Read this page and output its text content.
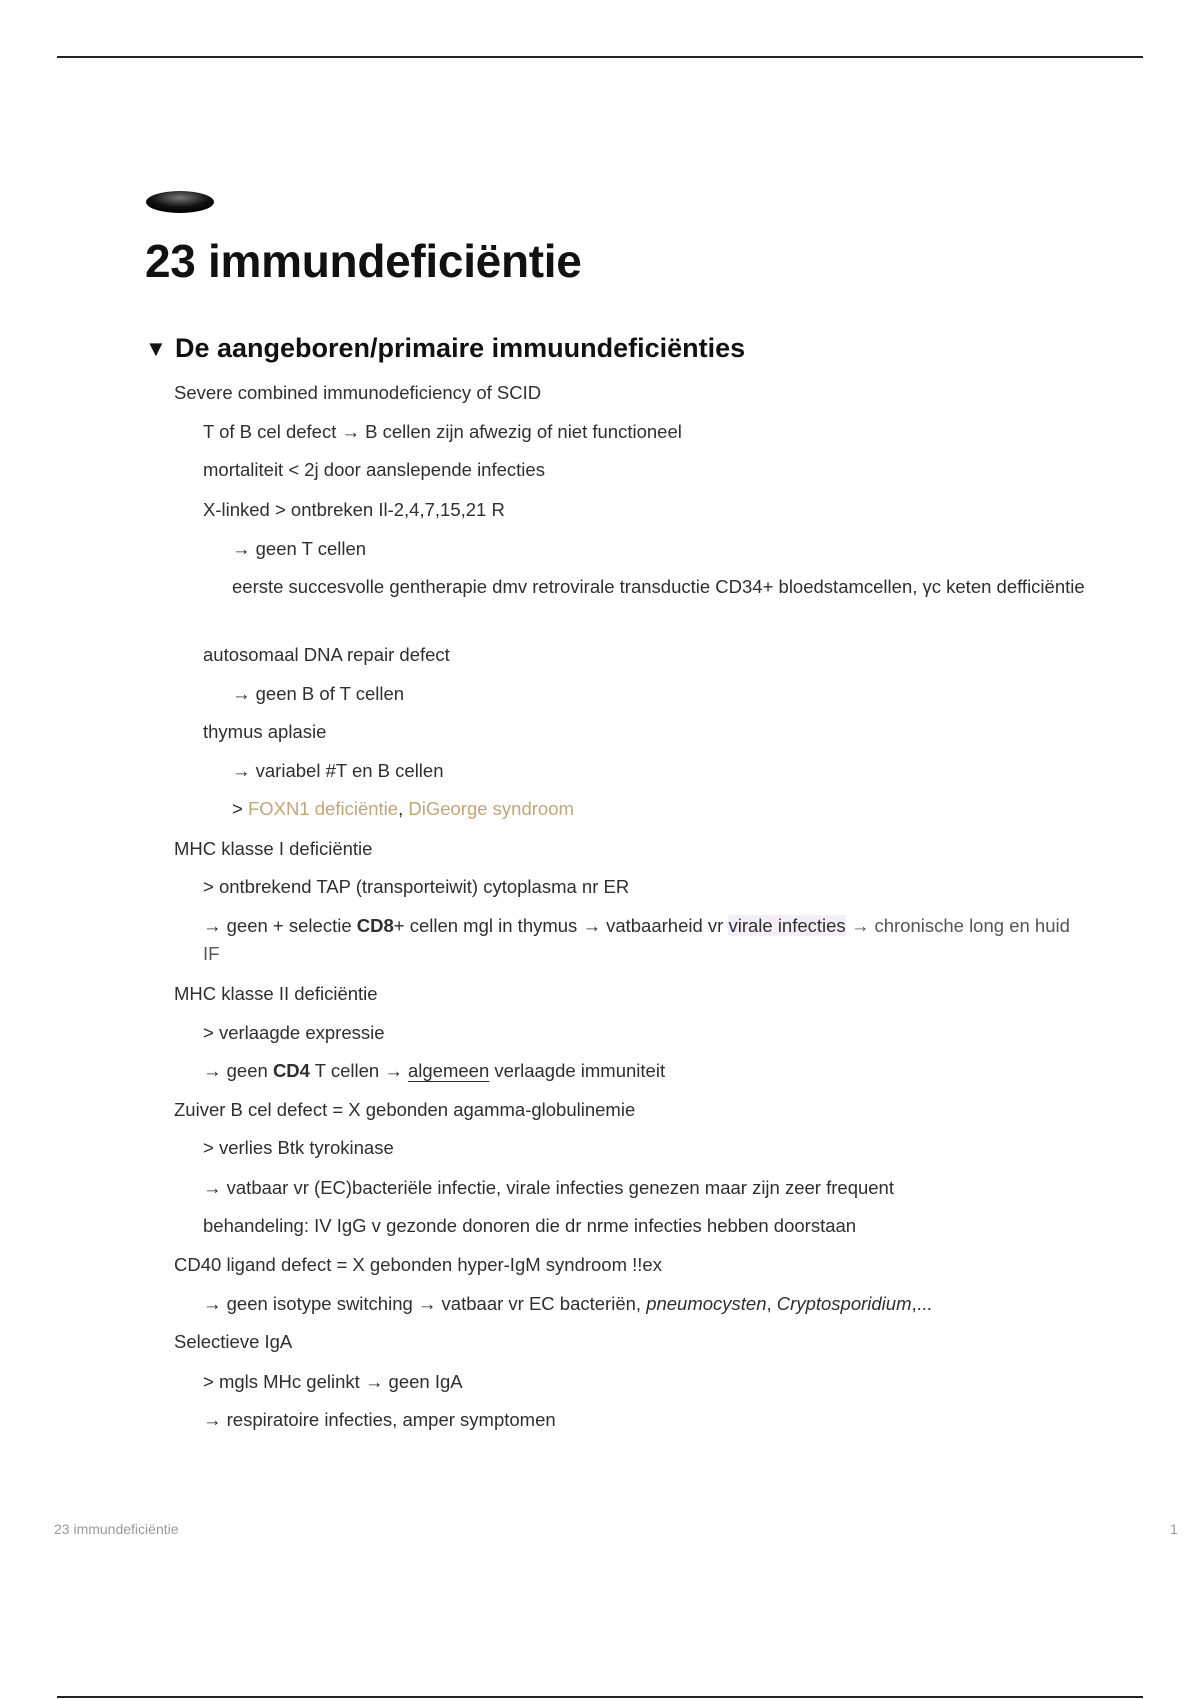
23 immundeficiëntie
▼ De aangeboren/primaire immuundeficiënties

Severe combined immunodeficiency of SCID

T of B cel defect → B cellen zijn afwezig of niet functioneel

mortaliteit < 2j door aanslepende infecties

X-linked > ontbreken Il-2,4,7,15,21 R

→ geen T cellen

eerste succesvolle gentherapie dmv retrovirale transductie CD34+ bloedstamcellen, γc keten defficiëntie

autosomaal DNA repair defect

→ geen B of T cellen

thymus aplasie

→ variabel #T en B cellen

> FOXN1 deficiëntie, DiGeorge syndroom

MHC klasse I deficiëntie

> ontbrekend TAP (transporteiwit) cytoplasma nr ER

→ geen + selectie CD8+ cellen mgl in thymus → vatbaarheid vr virale infecties → chronische long en huid IF

MHC klasse II deficiëntie

> verlaagde expressie

→ geen CD4 T cellen → algemeen verlaagde immuniteit

Zuiver B cel defect = X gebonden agamma-globulinemie

> verlies Btk tyrokinase

→ vatbaar vr (EC)bacteriële infectie, virale infecties genezen maar zijn zeer frequent

behandeling: IV IgG v gezonde donoren die dr nrme infecties hebben doorstaan

CD40 ligand defect = X gebonden hyper-IgM syndroom !!ex

→ geen isotype switching → vatbaar vr EC bacteriën, pneumocysten, Cryptosporidium,...

Selectieve IgA

> mgls MHc gelinkt → geen IgA

→ respiratoire infecties, amper symptomen

23 immundeficiëntie	1
